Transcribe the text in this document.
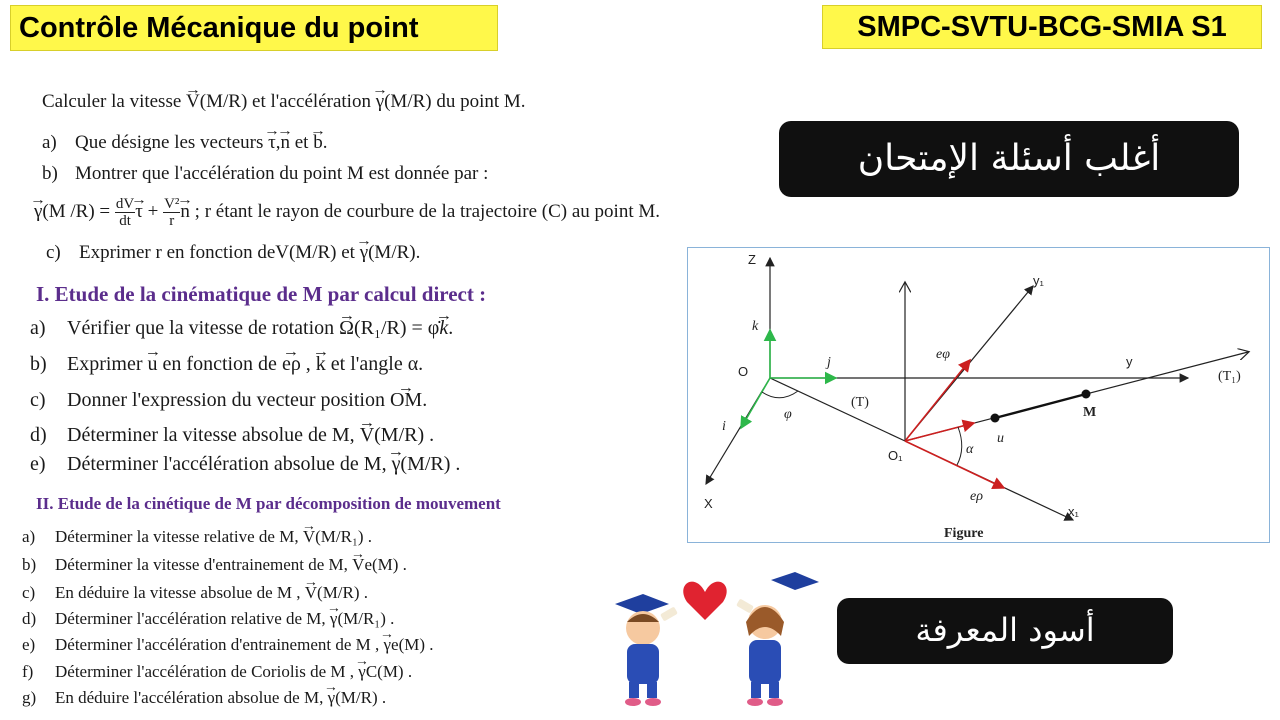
Contrôle Mécanique du point	SMPC-SVTU-BCG-SMIA S1
أغلب أسئلة الإمتحان
أسود المعرفة
Calculer la vitesse → V(M/R) et l'accélération → γ(M/R) du point M.
a) Que désigne les vecteurs → τ,→ n et → b.
b) Montrer que l'accélération du point M est donnée par :
→ γ(M $/R) = \frac{dV}{dt}$
→ $\tau + \frac{\text{V²}}{r}$
→ n ; r étant le rayon de courbure de la trajectoire (C) au point M.
c) Exprimer r en fonction deV(M/R) et → γ(M/R).
I. Etude de la cinématique de M par calcul direct :
a) Vérifier que la vitesse de rotation → Ω(R₁/R) = φ̇→ k.
b) Exprimer → u en fonction de → eρ , → k et l'angle α.
c) Donner l'expression du vecteur position → OM.
d) Déterminer la vitesse absolue de M, → V(M/R) .
e) Déterminer l'accélération absolue de M, → γ(M/R) .
II. Etude de la cinétique de M par décomposition de mouvement
a) Déterminer la vitesse relative de M, → V(M/R₁) .
b) Déterminer la vitesse d'entrainement de M, → Ve(M) .
c) En déduire la vitesse absolue de M , → V(M/R) .
d) Déterminer l'accélération relative de M, → γ(M/R₁) .
e) Déterminer l'accélération d'entrainement de M , → γe(M) .
f) Déterminer l'accélération de Coriolis de M , → γC(M) .
g) En déduire l'accélération absolue de M, → γ(M/R) .
Z
X
y
O
O₁
x₁
y₁
(T)
(T₁)
M
k
i
j
eφ
eρ
u
φ
α
Figure
